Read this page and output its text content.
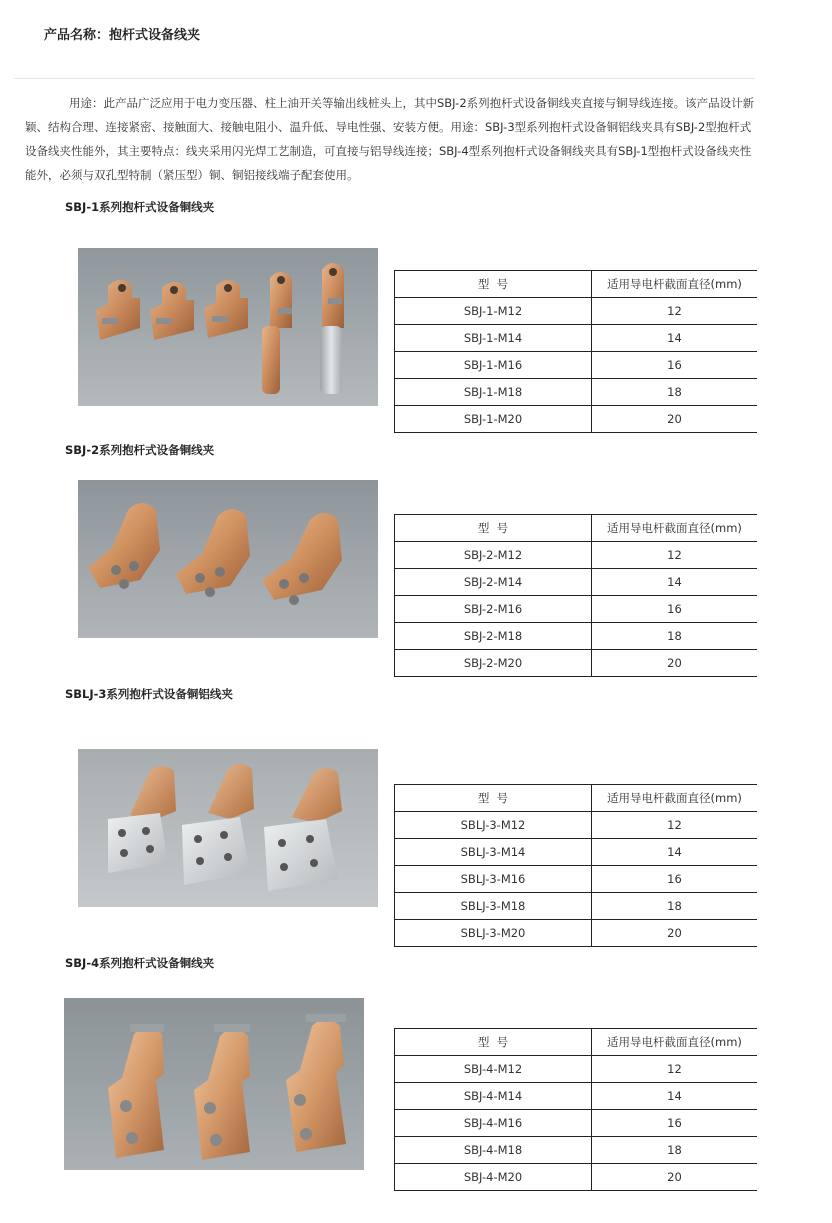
产品名称：抱杆式设备线夹

用途：此产品广泛应用于电力变压器、柱上油开关等输出线桩头上，其中SBJ-2系列抱杆式设备铜线夹直接与铜导线连接。该产品设计新颖、结构合理、连接紧密、接触面大、接触电阻小、温升低、导电性强、安装方便。用途：SBJ-3型系列抱杆式设备铜铝线夹具有SBJ-2型抱杆式设备线夹性能外，其主要特点：线夹采用闪光焊工艺制造，可直接与铝导线连接；SBJ-4型系列抱杆式设备铜线夹具有SBJ-1型抱杆式设备线夹性能外，必须与双孔型特制（紧压型）铜、铜铝接线端子配套使用。

SBJ-1系列抱杆式设备铜线夹
型  号	适用导电杆截面直径(mm)
SBJ-1-M12	12
SBJ-1-M14	14
SBJ-1-M16	16
SBJ-1-M18	18
SBJ-1-M20	20
SBJ-2系列抱杆式设备铜线夹
型  号	适用导电杆截面直径(mm)
SBJ-2-M12	12
SBJ-2-M14	14
SBJ-2-M16	16
SBJ-2-M18	18
SBJ-2-M20	20
SBLJ-3系列抱杆式设备铜铝线夹
型  号	适用导电杆截面直径(mm)
SBLJ-3-M12	12
SBLJ-3-M14	14
SBLJ-3-M16	16
SBLJ-3-M18	18
SBLJ-3-M20	20
SBJ-4系列抱杆式设备铜线夹
型  号	适用导电杆截面直径(mm)
SBJ-4-M12	12
SBJ-4-M14	14
SBJ-4-M16	16
SBJ-4-M18	18
SBJ-4-M20	20
